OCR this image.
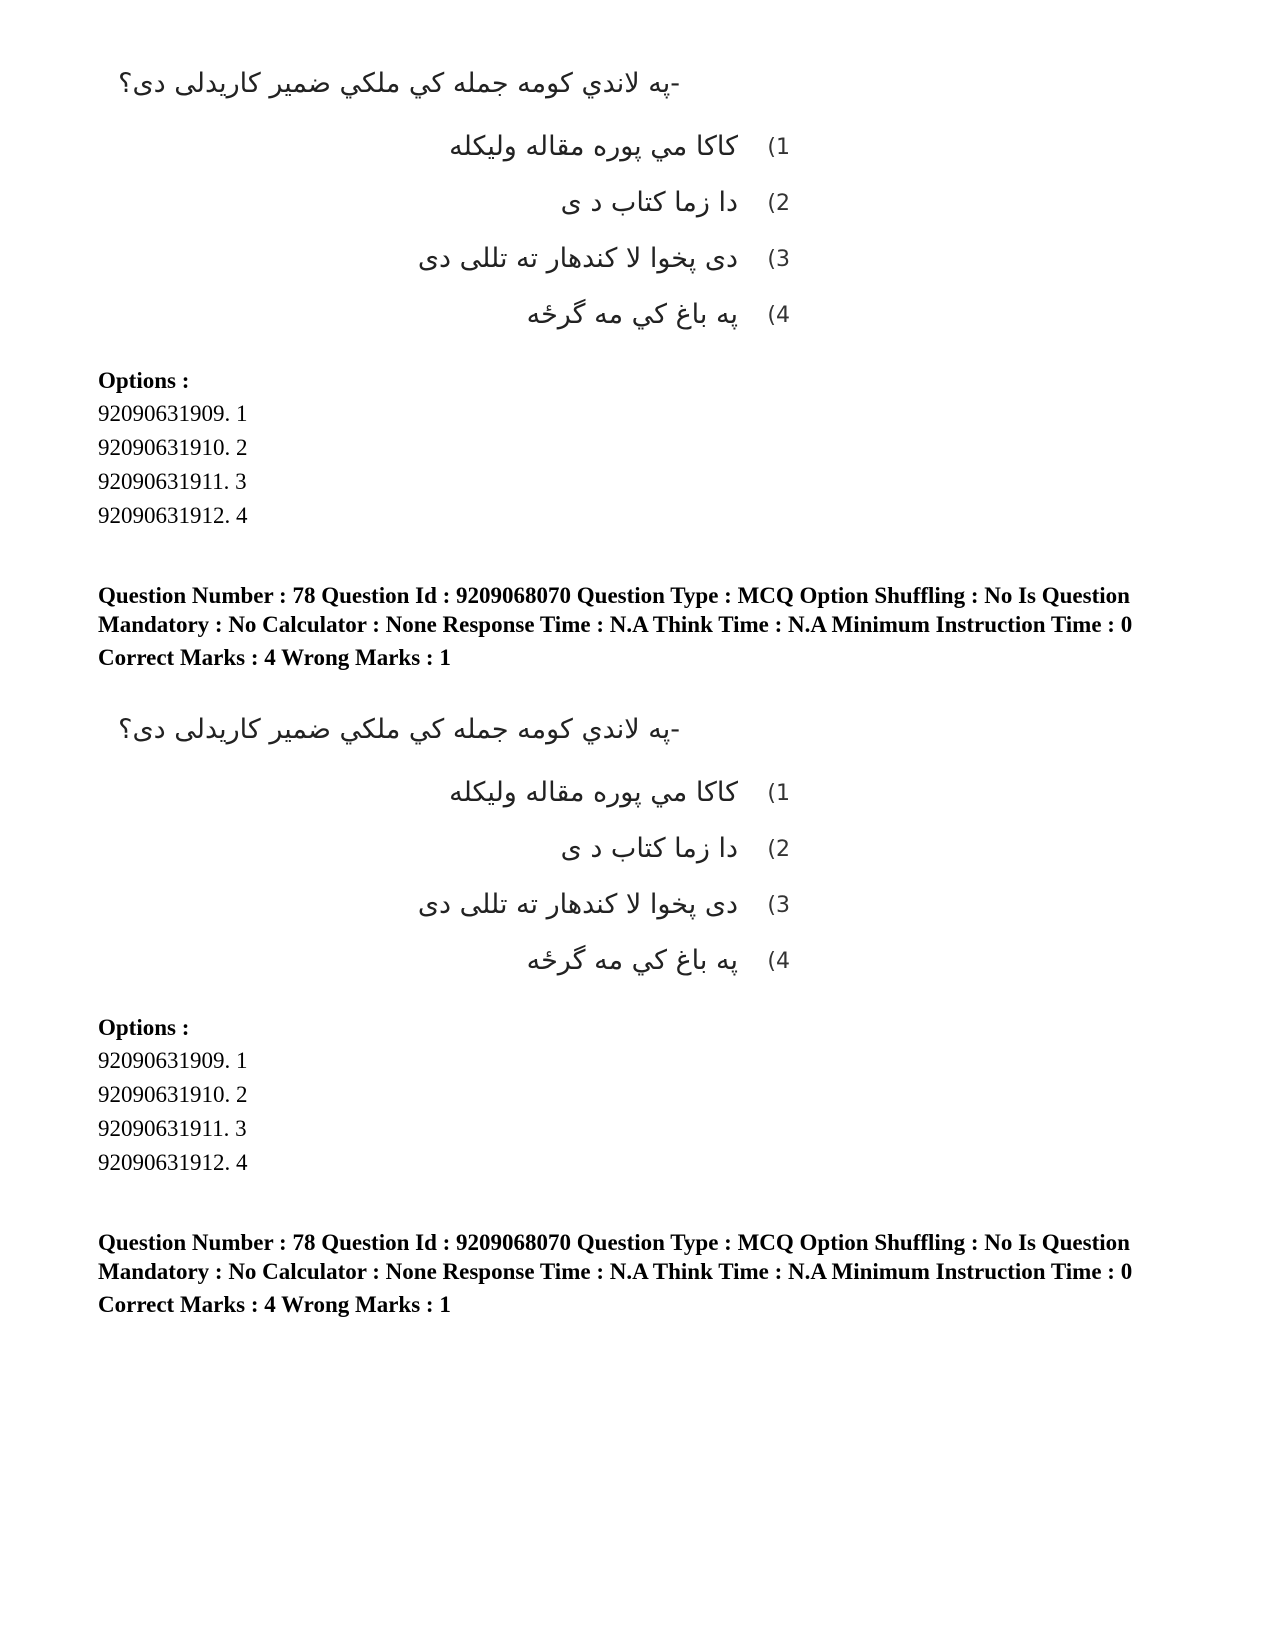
-په لاندي کومه جمله کي ملکي ضمير کاريدلی دی؟
کاکا مي پوره مقاله وليکله (1
دا زما کتاب د ی (2
دی پخوا لا کندهار ته تللی دی (3
په باغ کي مه گرځه (4
Options :
92090631909. 1
92090631910. 2
92090631911. 3
92090631912. 4
Question Number : 78 Question Id : 9209068070 Question Type : MCQ Option Shuffling : No Is Question Mandatory : No Calculator : None Response Time : N.A Think Time : N.A Minimum Instruction Time : 0
Correct Marks : 4 Wrong Marks : 1
-په لاندي کومه جمله کي ملکي ضمير کاريدلی دی؟
کاکا مي پوره مقاله وليکله (1
دا زما کتاب د ی (2
دی پخوا لا کندهار ته تللی دی (3
په باغ کي مه گرځه (4
Options :
92090631909. 1
92090631910. 2
92090631911. 3
92090631912. 4
Question Number : 78 Question Id : 9209068070 Question Type : MCQ Option Shuffling : No Is Question Mandatory : No Calculator : None Response Time : N.A Think Time : N.A Minimum Instruction Time : 0
Correct Marks : 4 Wrong Marks : 1
